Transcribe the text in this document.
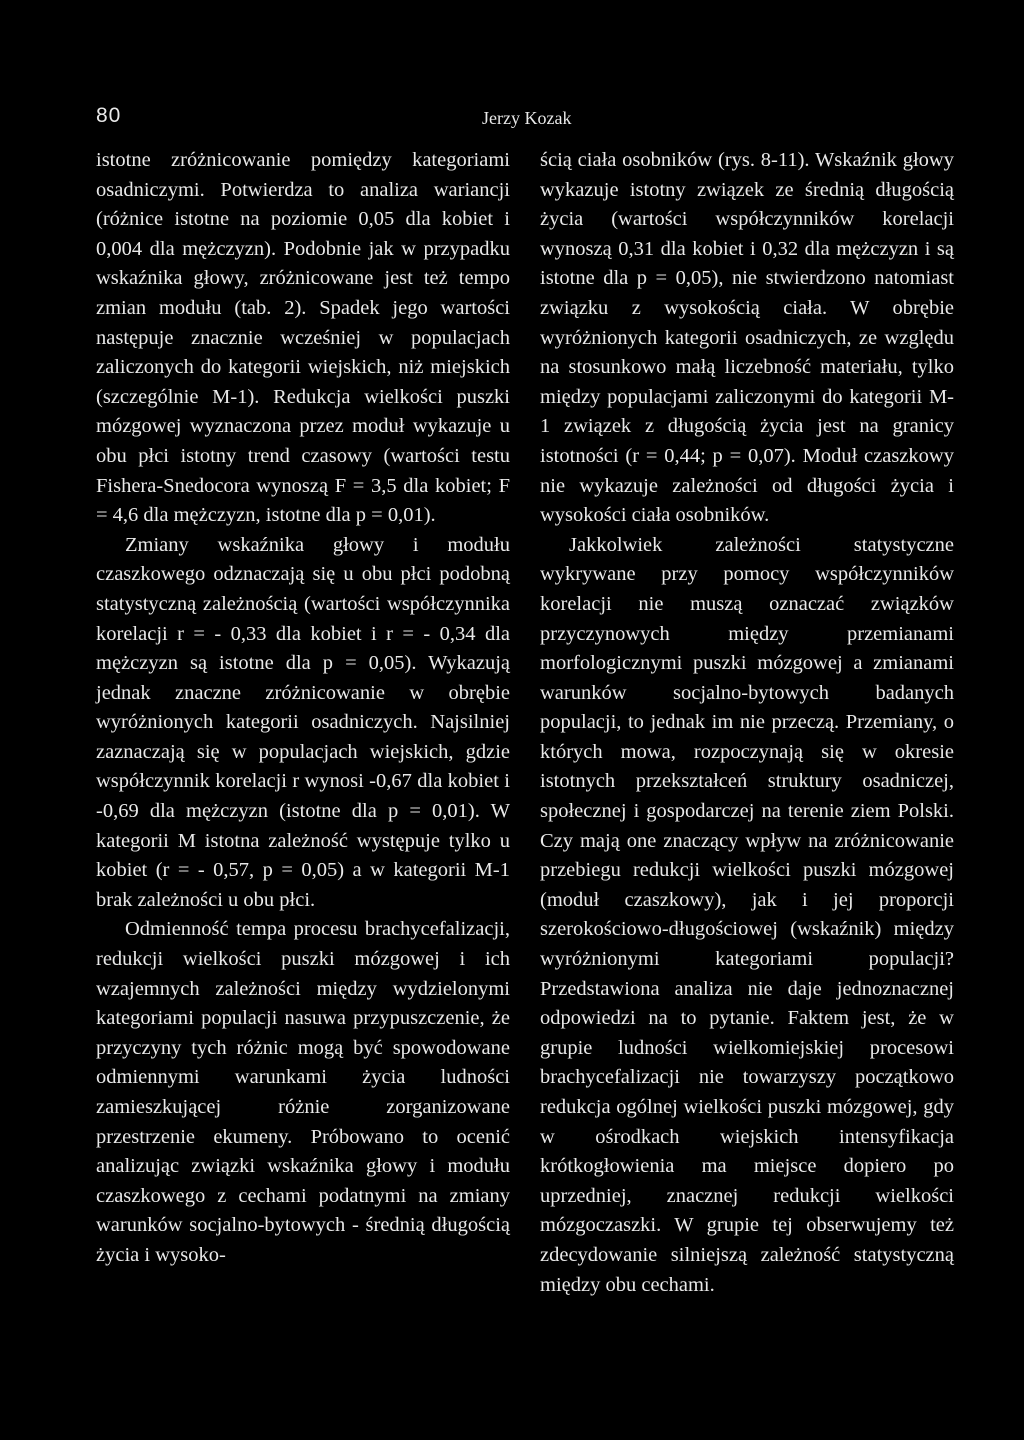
80	Jerzy Kozak

istotne zróżnicowanie pomiędzy kategoriami osadniczymi. Potwierdza to analiza wariancji (różnice istotne na poziomie 0,05 dla kobiet i 0,004 dla mężczyzn). Podobnie jak w przypadku wskaźnika głowy, zróżnicowane jest też tempo zmian modułu (tab. 2). Spadek jego wartości następuje znacznie wcześniej w populacjach zaliczonych do kategorii wiejskich, niż miejskich (szczególnie M-1). Redukcja wielkości puszki mózgowej wyznaczona przez moduł wykazuje u obu płci istotny trend czasowy (wartości testu Fishera-Snedocora wynoszą F = 3,5 dla kobiet; F = 4,6 dla mężczyzn, istotne dla p = 0,01).

Zmiany wskaźnika głowy i modułu czaszkowego odznaczają się u obu płci podobną statystyczną zależnością (wartości współczynnika korelacji r = - 0,33 dla kobiet i r = - 0,34 dla mężczyzn są istotne dla p = 0,05). Wykazują jednak znaczne zróżnicowanie w obrębie wyróżnionych kategorii osadniczych. Najsilniej zaznaczają się w populacjach wiejskich, gdzie współczynnik korelacji r wynosi -0,67 dla kobiet i -0,69 dla mężczyzn (istotne dla p = 0,01). W kategorii M istotna zależność występuje tylko u kobiet (r = - 0,57, p = 0,05) a w kategorii M-1 brak zależności u obu płci.

Odmienność tempa procesu brachycefalizacji, redukcji wielkości puszki mózgowej i ich wzajemnych zależności między wydzielonymi kategoriami populacji nasuwa przypuszczenie, że przyczyny tych różnic mogą być spowodowane odmiennymi warunkami życia ludności zamieszkującej różnie zorganizowane przestrzenie ekumeny. Próbowano to ocenić analizując związki wskaźnika głowy i modułu czaszkowego z cechami podatnymi na zmiany warunków socjalno-bytowych - średnią długością życia i wysoko-

ścią ciała osobników (rys. 8-11). Wskaźnik głowy wykazuje istotny związek ze średnią długością życia (wartości współczynników korelacji wynoszą 0,31 dla kobiet i 0,32 dla mężczyzn i są istotne dla p = 0,05), nie stwierdzono natomiast związku z wysokością ciała. W obrębie wyróżnionych kategorii osadniczych, ze względu na stosunkowo małą liczebność materiału, tylko między populacjami zaliczonymi do kategorii M-1 związek z długością życia jest na granicy istotności (r = 0,44; p = 0,07). Moduł czaszkowy nie wykazuje zależności od długości życia i wysokości ciała osobników.

Jakkolwiek zależności statystyczne wykrywane przy pomocy współczynników korelacji nie muszą oznaczać związków przyczynowych między przemianami morfologicznymi puszki mózgowej a zmianami warunków socjalno-bytowych badanych populacji, to jednak im nie przeczą. Przemiany, o których mowa, rozpoczynają się w okresie istotnych przekształceń struktury osadniczej, społecznej i gospodarczej na terenie ziem Polski. Czy mają one znaczący wpływ na zróżnicowanie przebiegu redukcji wielkości puszki mózgowej (moduł czaszkowy), jak i jej proporcji szerokościowo-długościowej (wskaźnik) między wyróżnionymi kategoriami populacji? Przedstawiona analiza nie daje jednoznacznej odpowiedzi na to pytanie. Faktem jest, że w grupie ludności wielkomiejskiej procesowi brachycefalizacji nie towarzyszy początkowo redukcja ogólnej wielkości puszki mózgowej, gdy w ośrodkach wiejskich intensyfikacja krótkogłowienia ma miejsce dopiero po uprzedniej, znacznej redukcji wielkości mózgoczaszki. W grupie tej obserwujemy też zdecydowanie silniejszą zależność statystyczną między obu cechami.
